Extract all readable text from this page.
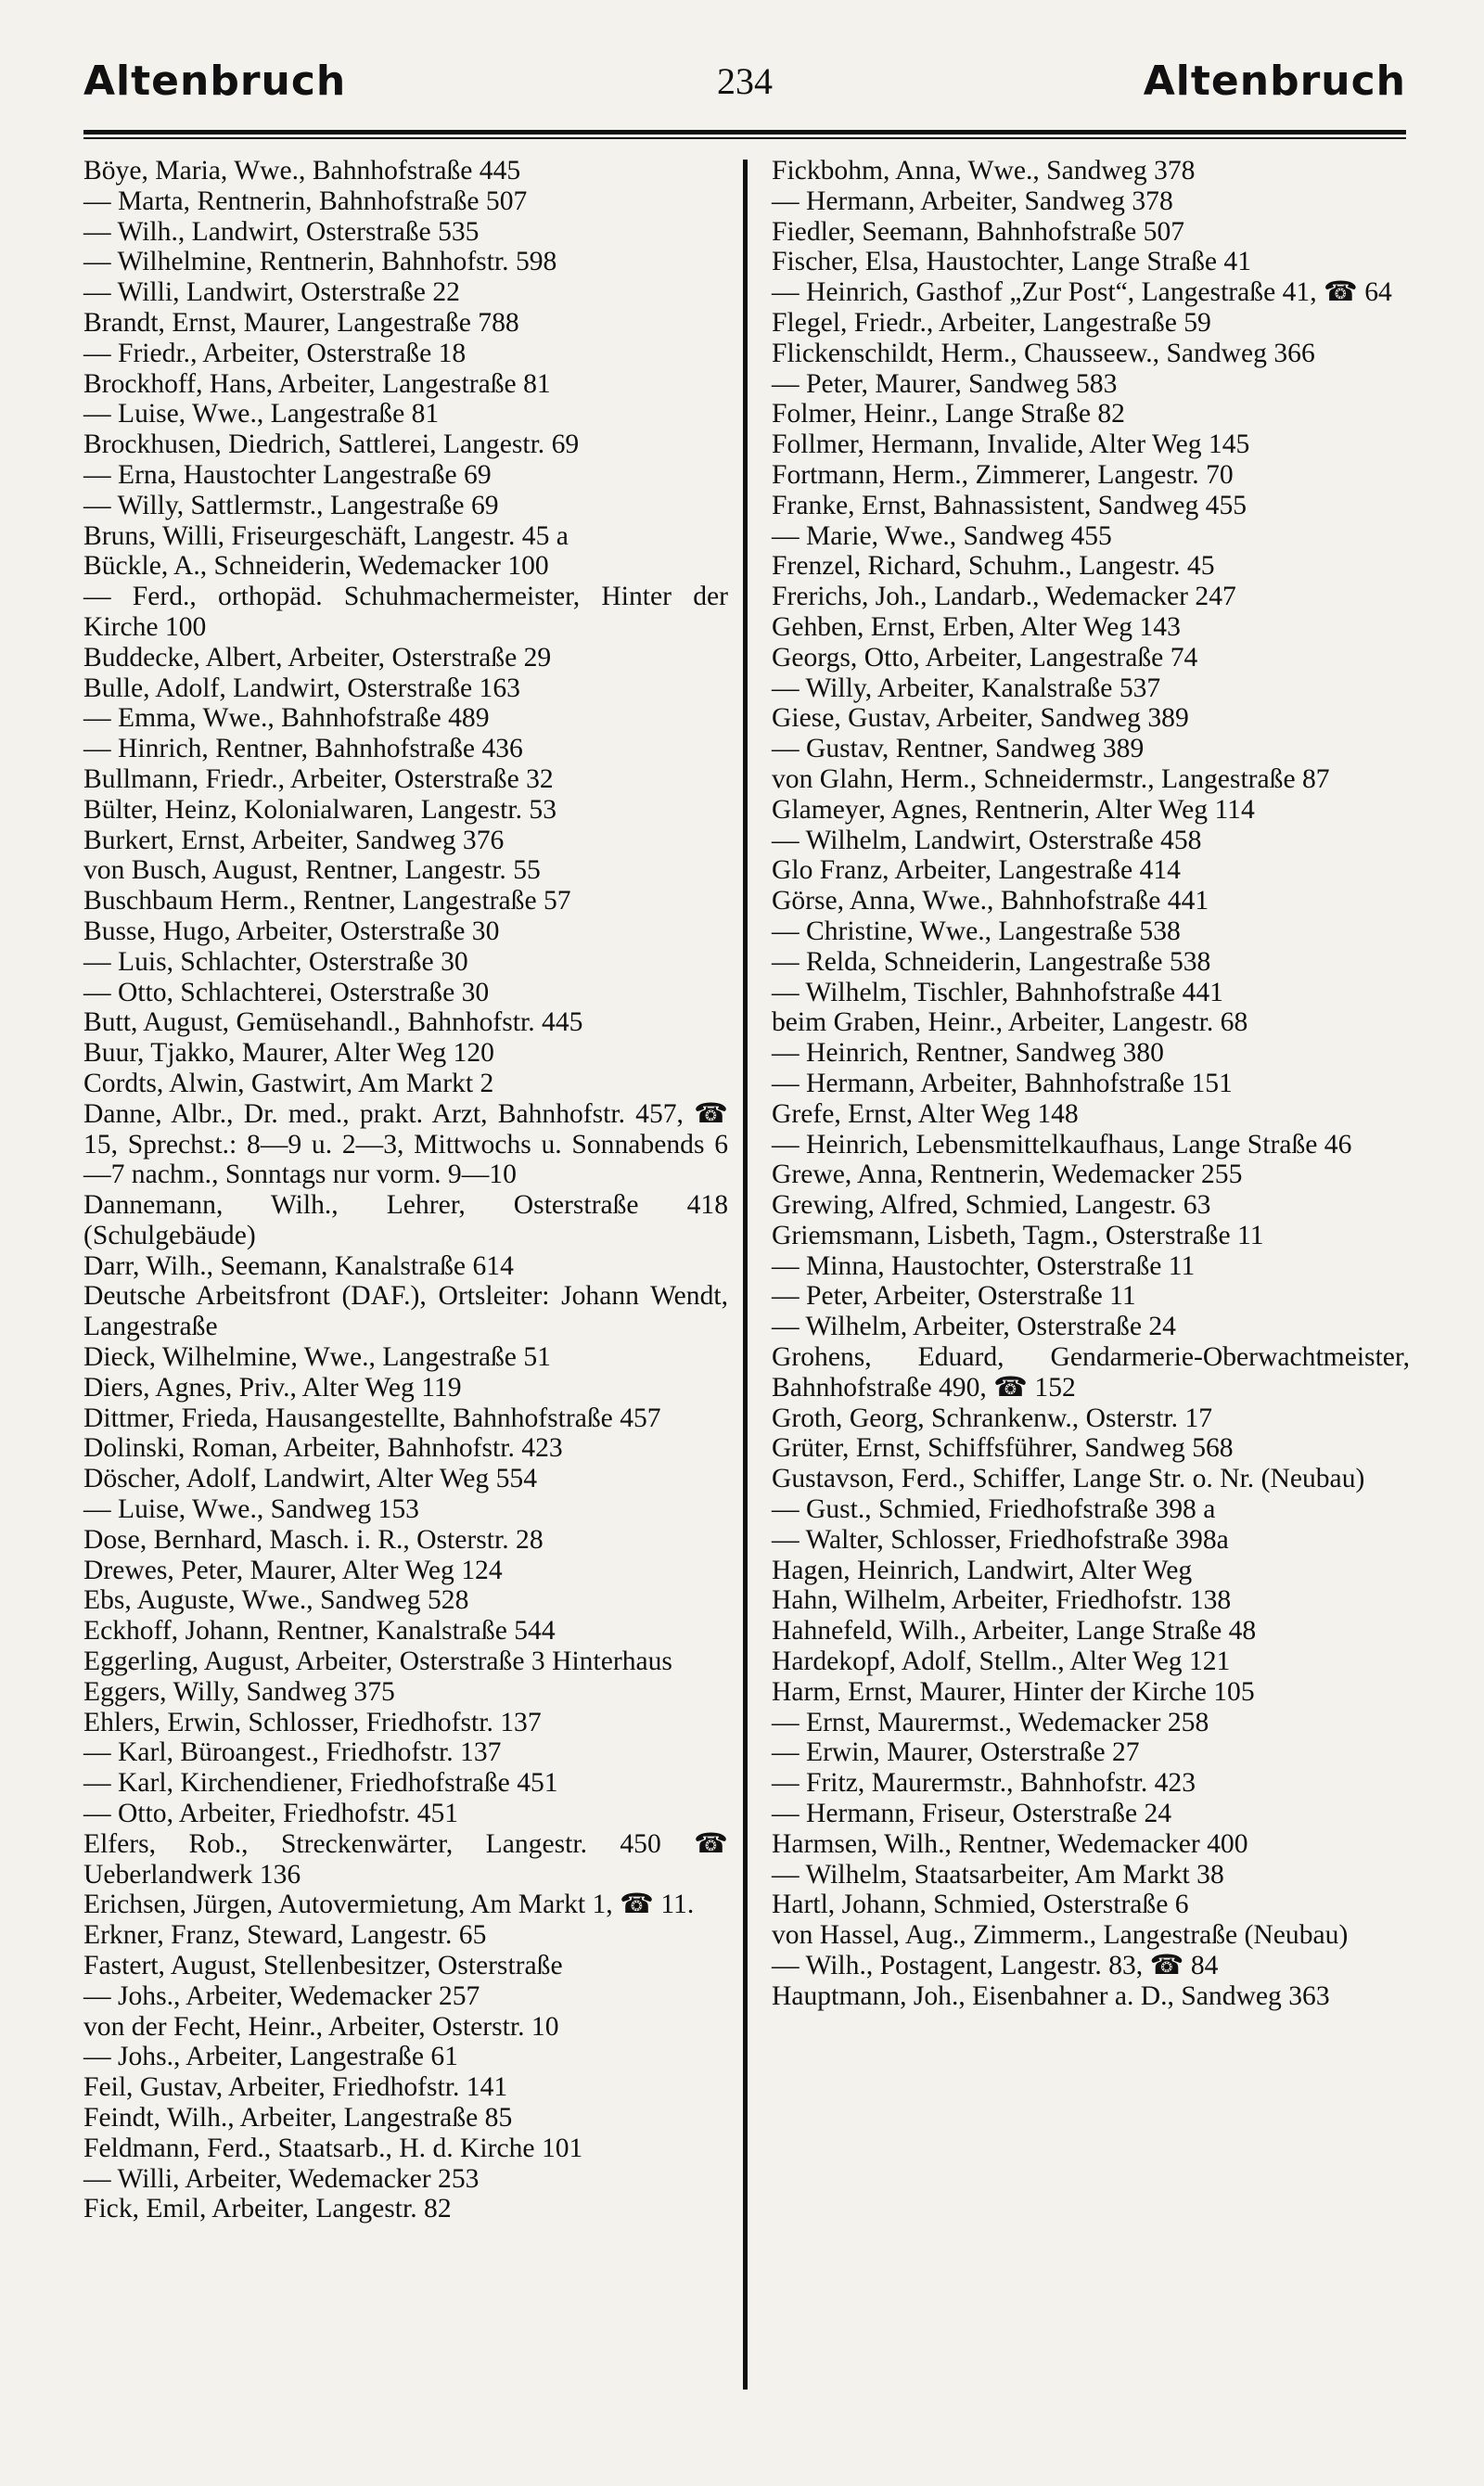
Altenbruch	234	Altenbruch
Böye, Maria, Wwe., Bahnhofstraße 445
— Marta, Rentnerin, Bahnhofstraße 507
— Wilh., Landwirt, Osterstraße 535
— Wilhelmine, Rentnerin, Bahnhofstr. 598
— Willi, Landwirt, Osterstraße 22
Brandt, Ernst, Maurer, Langestraße 788
— Friedr., Arbeiter, Osterstraße 18
Brockhoff, Hans, Arbeiter, Langestraße 81
— Luise, Wwe., Langestraße 81
Brockhusen, Diedrich, Sattlerei, Langestr. 69
— Erna, Haustochter Langestraße 69
— Willy, Sattlermstr., Langestraße 69
Bruns, Willi, Friseurgeschäft, Langestr. 45 a
Bückle, A., Schneiderin, Wedemacker 100
— Ferd., orthopäd. Schuhmachermeister, Hinter der Kirche 100
Buddecke, Albert, Arbeiter, Osterstraße 29
Bulle, Adolf, Landwirt, Osterstraße 163
— Emma, Wwe., Bahnhofstraße 489
— Hinrich, Rentner, Bahnhofstraße 436
Bullmann, Friedr., Arbeiter, Osterstraße 32
Bülter, Heinz, Kolonialwaren, Langestr. 53
Burkert, Ernst, Arbeiter, Sandweg 376
von Busch, August, Rentner, Langestr. 55
Buschbaum Herm., Rentner, Langestraße 57
Busse, Hugo, Arbeiter, Osterstraße 30
— Luis, Schlachter, Osterstraße 30
— Otto, Schlachterei, Osterstraße 30
Butt, August, Gemüsehandl., Bahnhofstr. 445
Buur, Tjakko, Maurer, Alter Weg 120
Cordts, Alwin, Gastwirt, Am Markt 2
Danne, Albr., Dr. med., prakt. Arzt, Bahnhofstr. 457, ☎ 15, Sprechst.: 8—9 u. 2—3, Mittwochs u. Sonnabends 6—7 nachm., Sonntags nur vorm. 9—10
Dannemann, Wilh., Lehrer, Osterstraße 418 (Schulgebäude)
Darr, Wilh., Seemann, Kanalstraße 614
Deutsche Arbeitsfront (DAF.), Ortsleiter: Johann Wendt, Langestraße
Dieck, Wilhelmine, Wwe., Langestraße 51
Diers, Agnes, Priv., Alter Weg 119
Dittmer, Frieda, Hausangestellte, Bahnhofstraße 457
Dolinski, Roman, Arbeiter, Bahnhofstr. 423
Döscher, Adolf, Landwirt, Alter Weg 554
— Luise, Wwe., Sandweg 153
Dose, Bernhard, Masch. i. R., Osterstr. 28
Drewes, Peter, Maurer, Alter Weg 124
Ebs, Auguste, Wwe., Sandweg 528
Eckhoff, Johann, Rentner, Kanalstraße 544
Eggerling, August, Arbeiter, Osterstraße 3 Hinterhaus
Eggers, Willy, Sandweg 375
Ehlers, Erwin, Schlosser, Friedhofstr. 137
— Karl, Büroangest., Friedhofstr. 137
— Karl, Kirchendiener, Friedhofstraße 451
— Otto, Arbeiter, Friedhofstr. 451
Elfers, Rob., Streckenwärter, Langestr. 450 ☎ Ueberlandwerk 136
Erichsen, Jürgen, Autovermietung, Am Markt 1, ☎ 11.
Erkner, Franz, Steward, Langestr. 65
Fastert, August, Stellenbesitzer, Osterstraße
— Johs., Arbeiter, Wedemacker 257
von der Fecht, Heinr., Arbeiter, Osterstr. 10
— Johs., Arbeiter, Langestraße 61
Feil, Gustav, Arbeiter, Friedhofstr. 141
Feindt, Wilh., Arbeiter, Langestraße 85
Feldmann, Ferd., Staatsarb., H. d. Kirche 101
— Willi, Arbeiter, Wedemacker 253
Fick, Emil, Arbeiter, Langestr. 82
Fickbohm, Anna, Wwe., Sandweg 378
— Hermann, Arbeiter, Sandweg 378
Fiedler, Seemann, Bahnhofstraße 507
Fischer, Elsa, Haustochter, Lange Straße 41
— Heinrich, Gasthof „Zur Post“, Langestraße 41, ☎ 64
Flegel, Friedr., Arbeiter, Langestraße 59
Flickenschildt, Herm., Chausseew., Sandweg 366
— Peter, Maurer, Sandweg 583
Folmer, Heinr., Lange Straße 82
Follmer, Hermann, Invalide, Alter Weg 145
Fortmann, Herm., Zimmerer, Langestr. 70
Franke, Ernst, Bahnassistent, Sandweg 455
— Marie, Wwe., Sandweg 455
Frenzel, Richard, Schuhm., Langestr. 45
Frerichs, Joh., Landarb., Wedemacker 247
Gehben, Ernst, Erben, Alter Weg 143
Georgs, Otto, Arbeiter, Langestraße 74
— Willy, Arbeiter, Kanalstraße 537
Giese, Gustav, Arbeiter, Sandweg 389
— Gustav, Rentner, Sandweg 389
von Glahn, Herm., Schneidermstr., Langestraße 87
Glameyer, Agnes, Rentnerin, Alter Weg 114
— Wilhelm, Landwirt, Osterstraße 458
Glo Franz, Arbeiter, Langestraße 414
Görse, Anna, Wwe., Bahnhofstraße 441
— Christine, Wwe., Langestraße 538
— Relda, Schneiderin, Langestraße 538
— Wilhelm, Tischler, Bahnhofstraße 441
beim Graben, Heinr., Arbeiter, Langestr. 68
— Heinrich, Rentner, Sandweg 380
— Hermann, Arbeiter, Bahnhofstraße 151
Grefe, Ernst, Alter Weg 148
— Heinrich, Lebensmittelkaufhaus, Lange Straße 46
Grewe, Anna, Rentnerin, Wedemacker 255
Grewing, Alfred, Schmied, Langestr. 63
Griemsmann, Lisbeth, Tagm., Osterstraße 11
— Minna, Haustochter, Osterstraße 11
— Peter, Arbeiter, Osterstraße 11
— Wilhelm, Arbeiter, Osterstraße 24
Grohens, Eduard, Gendarmerie-Oberwachtmeister, Bahnhofstraße 490, ☎ 152
Groth, Georg, Schrankenw., Osterstr. 17
Grüter, Ernst, Schiffsführer, Sandweg 568
Gustavson, Ferd., Schiffer, Lange Str. o. Nr. (Neubau)
— Gust., Schmied, Friedhofstraße 398 a
— Walter, Schlosser, Friedhofstraße 398a
Hagen, Heinrich, Landwirt, Alter Weg
Hahn, Wilhelm, Arbeiter, Friedhofstr. 138
Hahnefeld, Wilh., Arbeiter, Lange Straße 48
Hardekopf, Adolf, Stellm., Alter Weg 121
Harm, Ernst, Maurer, Hinter der Kirche 105
— Ernst, Maurermst., Wedemacker 258
— Erwin, Maurer, Osterstraße 27
— Fritz, Maurermstr., Bahnhofstr. 423
— Hermann, Friseur, Osterstraße 24
Harmsen, Wilh., Rentner, Wedemacker 400
— Wilhelm, Staatsarbeiter, Am Markt 38
Hartl, Johann, Schmied, Osterstraße 6
von Hassel, Aug., Zimmerm., Langestraße (Neubau)
— Wilh., Postagent, Langestr. 83, ☎ 84
Hauptmann, Joh., Eisenbahner a. D., Sandweg 363
